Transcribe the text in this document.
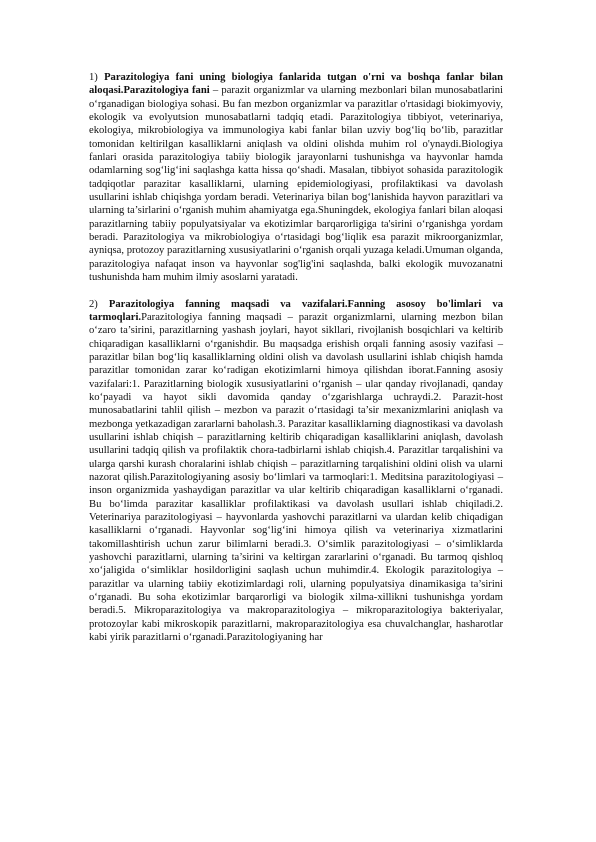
1) Parazitologiya fani uning biologiya fanlarida tutgan o'rni va boshqa fanlar bilan aloqasi.Parazitologiya fani – parazit organizmlar va ularning mezbonlari bilan munosabatlarini o‘rganadigan biologiya sohasi. Bu fan mezbon organizmlar va parazitlar o'rtasidagi biokimyoviy, ekologik va evolyutsion munosabatlarni tadqiq etadi. Parazitologiya tibbiyot, veterinariya, ekologiya, mikrobiologiya va immunologiya kabi fanlar bilan uzviy bog‘liq bo‘lib, parazitlar tomonidan keltirilgan kasalliklarni aniqlash va oldini olishda muhim rol o'ynaydi.Biologiya fanlari orasida parazitologiya tabiiy biologik jarayonlarni tushunishga va hayvonlar hamda odamlarning sog‘lig‘ini saqlashga katta hissa qo‘shadi. Masalan, tibbiyot sohasida parazitologik tadqiqotlar parazitar kasalliklarni, ularning epidemiologiyasi, profilaktikasi va davolash usullarini ishlab chiqishga yordam beradi. Veterinariya bilan bog‘lanishida hayvon parazitlari va ularning ta’sirlarini o‘rganish muhim ahamiyatga ega.Shuningdek, ekologiya fanlari bilan aloqasi parazitlarning tabiiy populyatsiyalar va ekotizimlar barqarorligiga ta'sirini o‘rganishga yordam beradi. Parazitologiya va mikrobiologiya o‘rtasidagi bog‘liqlik esa parazit mikroorganizmlar, ayniqsa, protozoy parazitlarning xususiyatlarini o‘rganish orqali yuzaga keladi.Umuman olganda, parazitologiya nafaqat inson va hayvonlar sog'lig'ini saqlashda, balki ekologik muvozanatni tushunishda ham muhim ilmiy asoslarni yaratadi.

2) Parazitologiya fanning maqsadi va vazifalari.Fanning asosoy bo'limlari va tarmoqlari.Parazitologiya fanning maqsadi – parazit organizmlarni, ularning mezbon bilan o‘zaro ta’sirini, parazitlarning yashash joylari, hayot sikllari, rivojlanish bosqichlari va keltirib chiqaradigan kasalliklarni o‘rganishdir. Bu maqsadga erishish orqali fanning asosiy vazifasi – parazitlar bilan bog‘liq kasalliklarning oldini olish va davolash usullarini ishlab chiqish hamda parazitlar tomonidan zarar ko‘radigan ekotizimlarni himoya qilishdan iborat.Fanning asosiy vazifalari:1. Parazitlarning biologik xususiyatlarini o‘rganish – ular qanday rivojlanadi, qanday ko‘payadi va hayot sikli davomida qanday o‘zgarishlarga uchraydi.2. Parazit-host munosabatlarini tahlil qilish – mezbon va parazit o‘rtasidagi ta’sir mexanizmlarini aniqlash va mezbonga yetkazadigan zararlarni baholash.3. Parazitar kasalliklarning diagnostikasi va davolash usullarini ishlab chiqish – parazitlarning keltirib chiqaradigan kasalliklarini aniqlash, davolash usullarini tadqiq qilish va profilaktik chora-tadbirlarni ishlab chiqish.4. Parazitlar tarqalishini va ularga qarshi kurash choralarini ishlab chiqish – parazitlarning tarqalishini oldini olish va ularni nazorat qilish.Parazitologiyaning asosiy bo‘limlari va tarmoqlari:1. Meditsina parazitologiyasi – inson organizmida yashaydigan parazitlar va ular keltirib chiqaradigan kasalliklarni o‘rganadi. Bu bo‘limda parazitar kasalliklar profilaktikasi va davolash usullari ishlab chiqiladi.2. Veterinariya parazitologiyasi – hayvonlarda yashovchi parazitlarni va ulardan kelib chiqadigan kasalliklarni o‘rganadi. Hayvonlar sog‘lig‘ini himoya qilish va veterinariya xizmatlarini takomillashtirish uchun zarur bilimlarni beradi.3. O‘simlik parazitologiyasi – o‘simliklarda yashovchi parazitlarni, ularning ta’sirini va keltirgan zararlarini o‘rganadi. Bu tarmoq qishloq xo‘jaligida o‘simliklar hosildorligini saqlash uchun muhimdir.4. Ekologik parazitologiya – parazitlar va ularning tabiiy ekotizimlardagi roli, ularning populyatsiya dinamikasiga ta’sirini o‘rganadi. Bu soha ekotizimlar barqarorligi va biologik xilma-xillikni tushunishga yordam beradi.5. Mikroparazitologiya va makroparazitologiya – mikroparazitologiya bakteriyalar, protozoylar kabi mikroskopik parazitlarni, makroparazitologiya esa chuvalchanglar, hasharotlar kabi yirik parazitlarni o‘rganadi.Parazitologiyaning har
